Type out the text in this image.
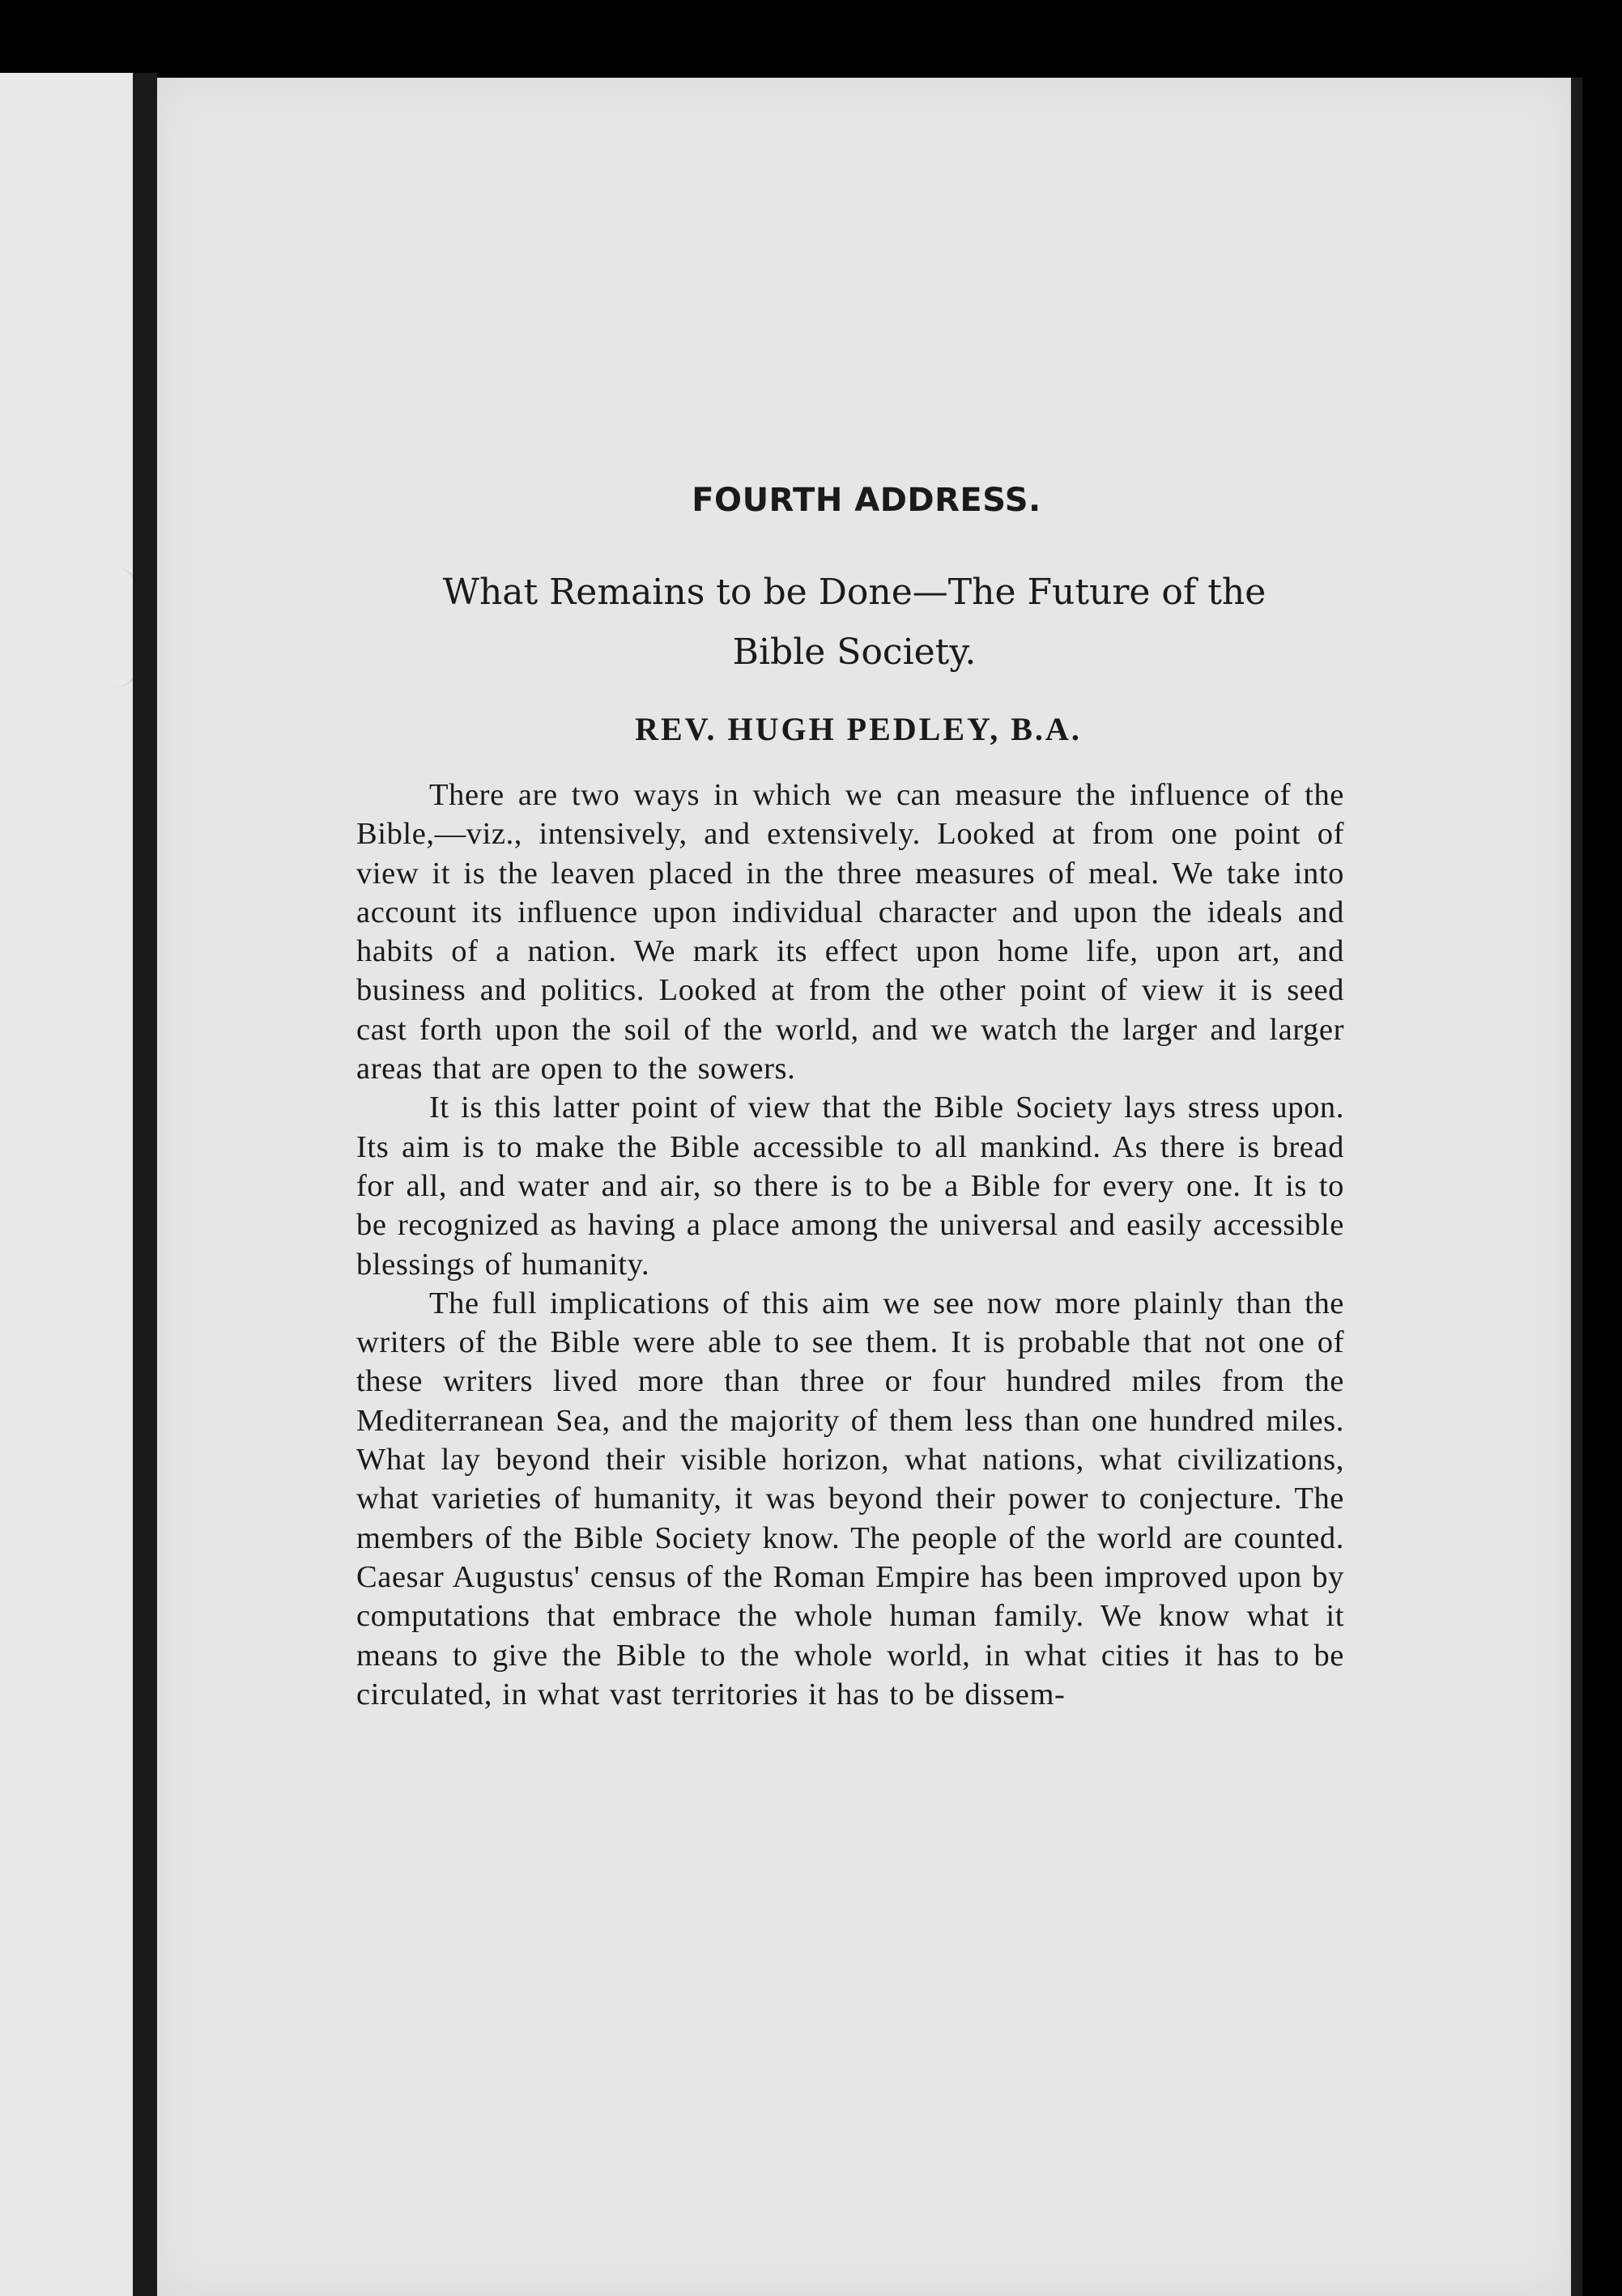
FOURTH ADDRESS.
What Remains to be Done—The Future of the
Bible Society.
REV. HUGH PEDLEY, B.A.

There are two ways in which we can measure the influence of the Bible,—viz., intensively, and extensively. Looked at from one point of view it is the leaven placed in the three measures of meal. We take into account its influence upon individual character and upon the ideals and habits of a nation. We mark its effect upon home life, upon art, and business and politics. Looked at from the other point of view it is seed cast forth upon the soil of the world, and we watch the larger and larger areas that are open to the sowers.

It is this latter point of view that the Bible Society lays stress upon. Its aim is to make the Bible accessible to all mankind. As there is bread for all, and water and air, so there is to be a Bible for every one. It is to be recognized as having a place among the universal and easily accessible blessings of humanity.

The full implications of this aim we see now more plainly than the writers of the Bible were able to see them. It is probable that not one of these writers lived more than three or four hundred miles from the Mediterranean Sea, and the majority of them less than one hundred miles. What lay beyond their visible horizon, what nations, what civilizations, what varieties of humanity, it was beyond their power to conjecture. The members of the Bible Society know. The people of the world are counted. Caesar Augustus' census of the Roman Empire has been improved upon by computations that embrace the whole human family. We know what it means to give the Bible to the whole world, in what cities it has to be circulated, in what vast territories it has to be dissem-
